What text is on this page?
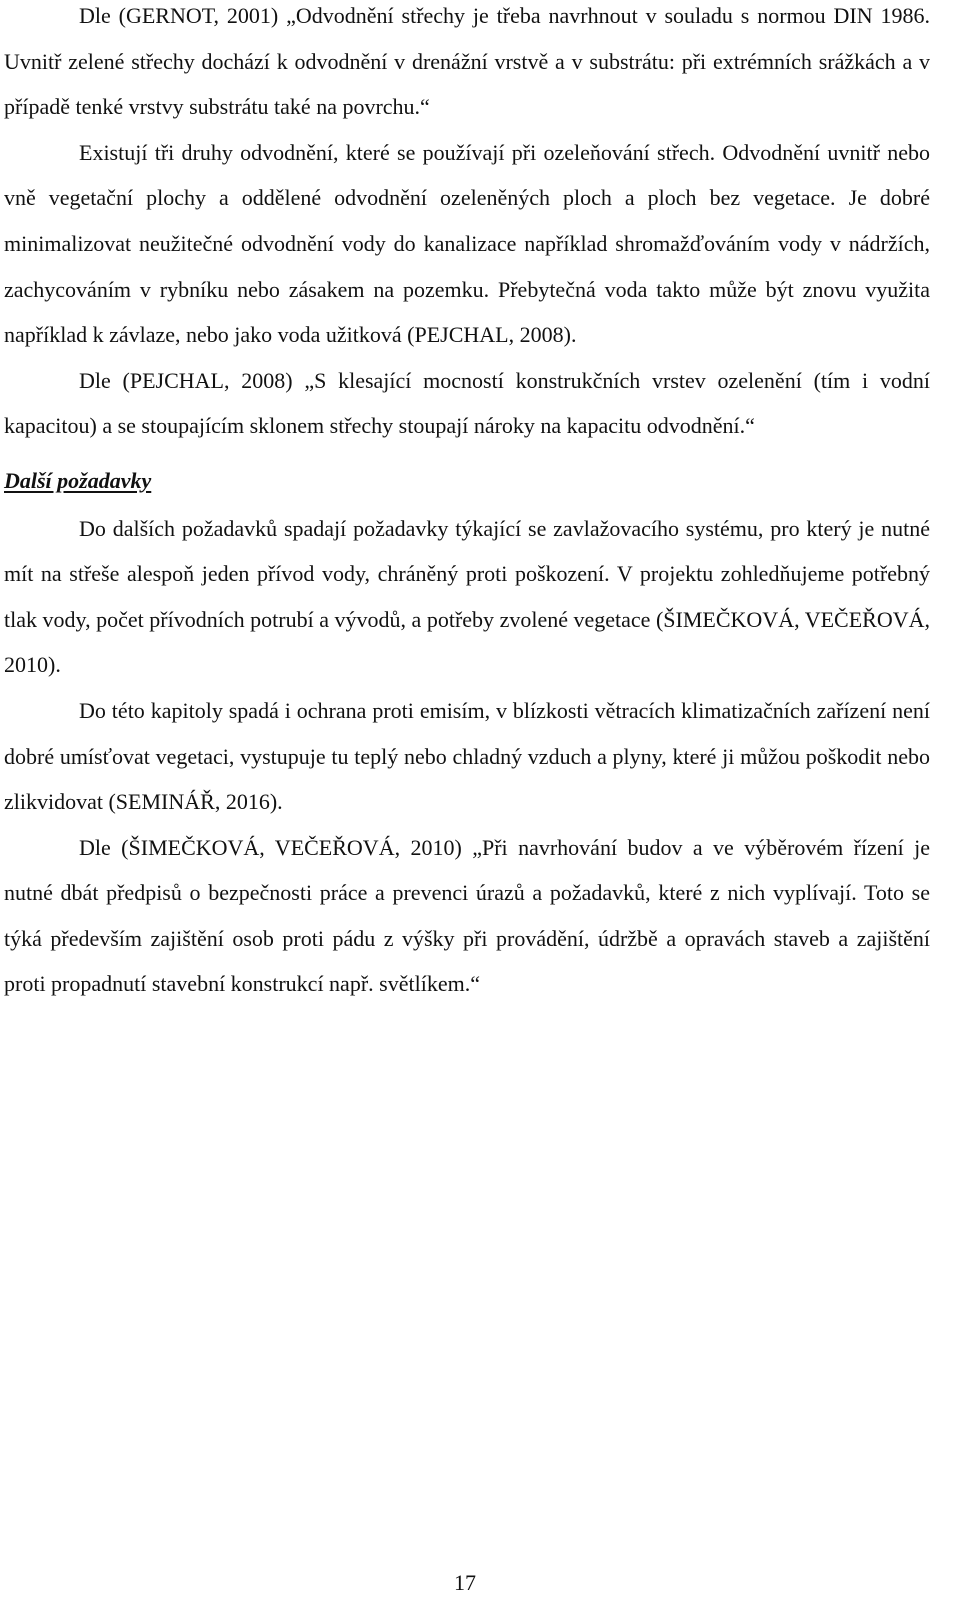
Dle (GERNOT, 2001) „Odvodnění střechy je třeba navrhnout v souladu s normou DIN 1986. Uvnitř zelené střechy dochází k odvodnění v drenážní vrstvě a v substrátu: při extrémních srážkách a v případě tenké vrstvy substrátu také na povrchu.“

Existují tři druhy odvodnění, které se používají při ozeleňování střech. Odvodnění uvnitř nebo vně vegetační plochy a oddělené odvodnění ozeleněných ploch a ploch bez vegetace. Je dobré minimalizovat neužitečné odvodnění vody do kanalizace například shromažďováním vody v nádržích, zachycováním v rybníku nebo zásakem na pozemku. Přebytečná voda takto může být znovu využita například k závlaze, nebo jako voda užitková (PEJCHAL, 2008).

Dle (PEJCHAL, 2008) „S klesající mocností konstrukčních vrstev ozelenění (tím i vodní kapacitou) a se stoupajícím sklonem střechy stoupají nároky na kapacitu odvodnění.“

Další požadavky

Do dalších požadavků spadají požadavky týkající se zavlažovacího systému, pro který je nutné mít na střeše alespoň jeden přívod vody, chráněný proti poškození. V projektu zohledňujeme potřebný tlak vody, počet přívodních potrubí a vývodů, a potřeby zvolené vegetace (ŠIMEČKOVÁ, VEČEŘOVÁ, 2010).

Do této kapitoly spadá i ochrana proti emisím, v blízkosti větracích klimatizačních zařízení není dobré umísťovat vegetaci, vystupuje tu teplý nebo chladný vzduch a plyny, které ji můžou poškodit nebo zlikvidovat (SEMINÁŘ, 2016).

Dle (ŠIMEČKOVÁ, VEČEŘOVÁ, 2010) „Při navrhování budov a ve výběrovém řízení je nutné dbát předpisů o bezpečnosti práce a prevenci úrazů a požadavků, které z nich vyplívají. Toto se týká především zajištění osob proti pádu z výšky při provádění, údržbě a opravách staveb a zajištění proti propadnutí stavební konstrukcí např. světlíkem.“

17
